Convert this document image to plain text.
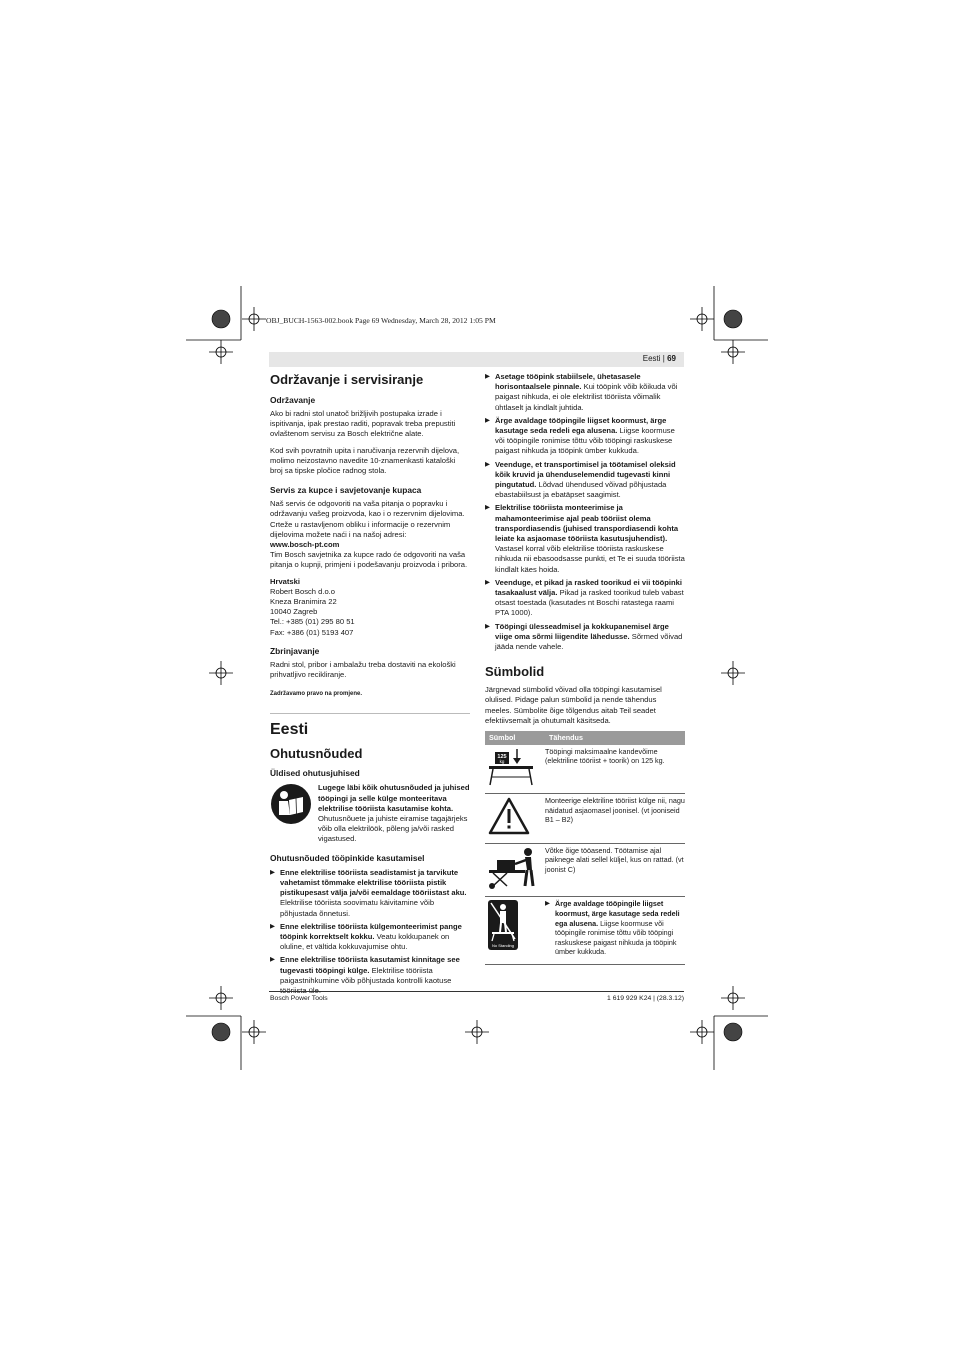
OBJ_BUCH-1563-002.book Page 69 Wednesday, March 28, 2012 1:05 PM
Eesti | 69
Održavanje i servisiranje
Održavanje

Ako bi radni stol unatoč brižljivih postupaka izrade i ispitivanja, ipak prestao raditi, popravak treba prepustiti ovlaštenom servisu za Bosch električne alate.

Kod svih povratnih upita i naručivanja rezervnih dijelova, molimo neizostavno navedite 10-znamenkasti kataloški broj sa tipske pločice radnog stola.

Servis za kupce i savjetovanje kupaca

Naš servis će odgovoriti na vaša pitanja o popravku i održavanju vašeg proizvoda, kao i o rezervnim dijelovima. Crteže u rastavljenom obliku i informacije o rezervnim dijelovima možete naći i na našoj adresi:

www.bosch-pt.com

Tim Bosch savjetnika za kupce rado će odgovoriti na vaša pitanja o kupnji, primjeni i podešavanju proizvoda i pribora.

Hrvatski

Robert Bosch d.o.o
Kneza Branimira 22
10040 Zagreb
Tel.: +385 (01) 295 80 51
Fax: +386 (01) 5193 407
Zbrinjavanje

Radni stol, pribor i ambalažu treba dostaviti na ekološki prihvatljivo recikliranje.

Zadržavamo pravo na promjene.

Eesti
Ohutusnõuded
Üldised ohutusjuhised
Lugege läbi kõik ohutusnõuded ja juhised tööpingi ja selle külge monteeritava elektrilise tööriista kasutamise kohta.
Ohutusnõuete ja juhiste eiramise tagajärjeks võib olla elektrilöök, põleng ja/või rasked vigastused.
Ohutusnõuded tööpinkide kasutamisel
▶ Enne elektrilise tööriista seadistamist ja tarvikute vahetamist tõmmake elektrilise tööriista pistik pistikupesast välja ja/või eemaldage tööriistast aku. Elektrilise tööriista soovimatu käivitamine võib põhjustada õnnetusi.
▶ Enne elektrilise tööriista külgemonteerimist pange tööpink korrektselt kokku. Veatu kokkupanek on oluline, et vältida kokkuvajumise ohtu.
▶ Enne elektrilise tööriista kasutamist kinnitage see tugevasti tööpingi külge. Elektrilise tööriista paigastnihkumine võib põhjustada kontrolli kaotuse tööriista üle.
▶ Asetage tööpink stabiilsele, ühetasasele horisontaalsele pinnale. Kui tööpink võib kõikuda või paigast nihkuda, ei ole elektrilist tööriista võimalik ühtlaselt ja kindlalt juhtida.
▶ Ärge avaldage tööpingile liigset koormust, ärge kasutage seda redeli ega alusena. Liigse koormuse või tööpingile ronimise tõttu võib tööpingi raskuskese paigast nihkuda ja tööpink ümber kukkuda.
▶ Veenduge, et transportimisel ja töötamisel oleksid kõik kruvid ja ühenduselemendid tugevasti kinni pingutatud. Lõdvad ühendused võivad põhjustada ebastabiilsust ja ebatäpset saagimist.
▶ Elektrilise tööriista monteerimise ja mahamonteerimise ajal peab tööriist olema transpordiasendis (juhised transpordiasendi kohta leiate ka asjaomase tööriista kasutusjuhendist). Vastasel korral võib elektrilise tööriista raskuskese nihkuda nii ebasoodsasse punkti, et Te ei suuda tööriista kindlalt käes hoida.
▶ Veenduge, et pikad ja rasked toorikud ei vii tööpinki tasakaalust välja. Pikad ja rasked toorikud tuleb vabast otsast toestada (kasutades nt Boschi ratastega raami PTA 1000).
▶ Tööpingi ülesseadmisel ja kokkupanemisel ärge viige oma sõrmi liigendite lähedusse. Sõrmed võivad jääda nende vahele.
Sümbolid

Järgnevad sümbolid võivad olla tööpingi kasutamisel olulised. Pidage palun sümbolid ja nende tähendus meeles. Sümbolite õige tõlgendus aitab Teil seadet efektiivsemalt ja ohutumalt käsitseda.

Sümbol	Tähendus

125
kg	Tööpingi maksimaalne kandevõime (elektriline tööriist + toorik) on 125 kg.
	Monteerige elektriline tööriist külge nii, nagu näidatud asjaomasel joonisel. (vt jooniseid B1 – B2)
	Võtke õige tööasend. Töötamise ajal paiknege alati sellel küljel, kus on rattad. (vt joonist C)

No Standing	▶ Ärge avaldage tööpingile liigset koormust, ärge kasutage seda redeli ega alusena. Liigse koormuse või tööpingile ronimise tõttu võib tööpingi raskuskese paigast nihkuda ja tööpink ümber kukkuda.
Bosch Power Tools	1 619 929 K24 | (28.3.12)
